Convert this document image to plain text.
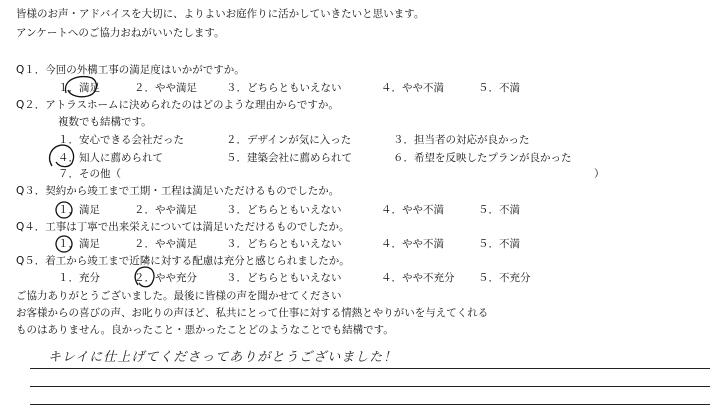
皆様のお声・アドバイスを大切に、よりよいお庭作りに活かしていきたいと思います。
アンケートへのご協力おねがいいたします。
Q１．今回の外構工事の満足度はいかがですか。
１．満足	２．やや満足	３．どちらともいえない	４．やや不満	５．不満
Q２．アトラスホームに決められたのはどのような理由からですか。
複数でも結構です。
１．安心できる会社だった	２．デザインが気に入った	３．担当者の対応が良かった
４．知人に薦められて	５．建築会社に薦められて	６．希望を反映したプランが良かった
７．その他（	）
Q３．契約から竣工まで工期・工程は満足いただけるものでしたか。
１．満足	２．やや満足	３．どちらともいえない	４．やや不満	５．不満
Q４．工事は丁寧で出来栄えについては満足いただけるものでしたか。
１．満足	２．やや満足	３．どちらともいえない	４．やや不満	５．不満
Q５．着工から竣工まで近隣に対する配慮は充分と感じられましたか。
１．充分	２．やや充分	３．どちらともいえない	４．やや不充分 ５．不充分
ご協力ありがとうございました。最後に皆様の声を聞かせてください
お客様からの喜びの声、お叱りの声ほど、私共にとって仕事に対する情熱とやりがいを与えてくれる
ものはありません。良かったこと・悪かったことどのようなことでも結構です。
キレイに仕上げてくださってありがとうございました！
